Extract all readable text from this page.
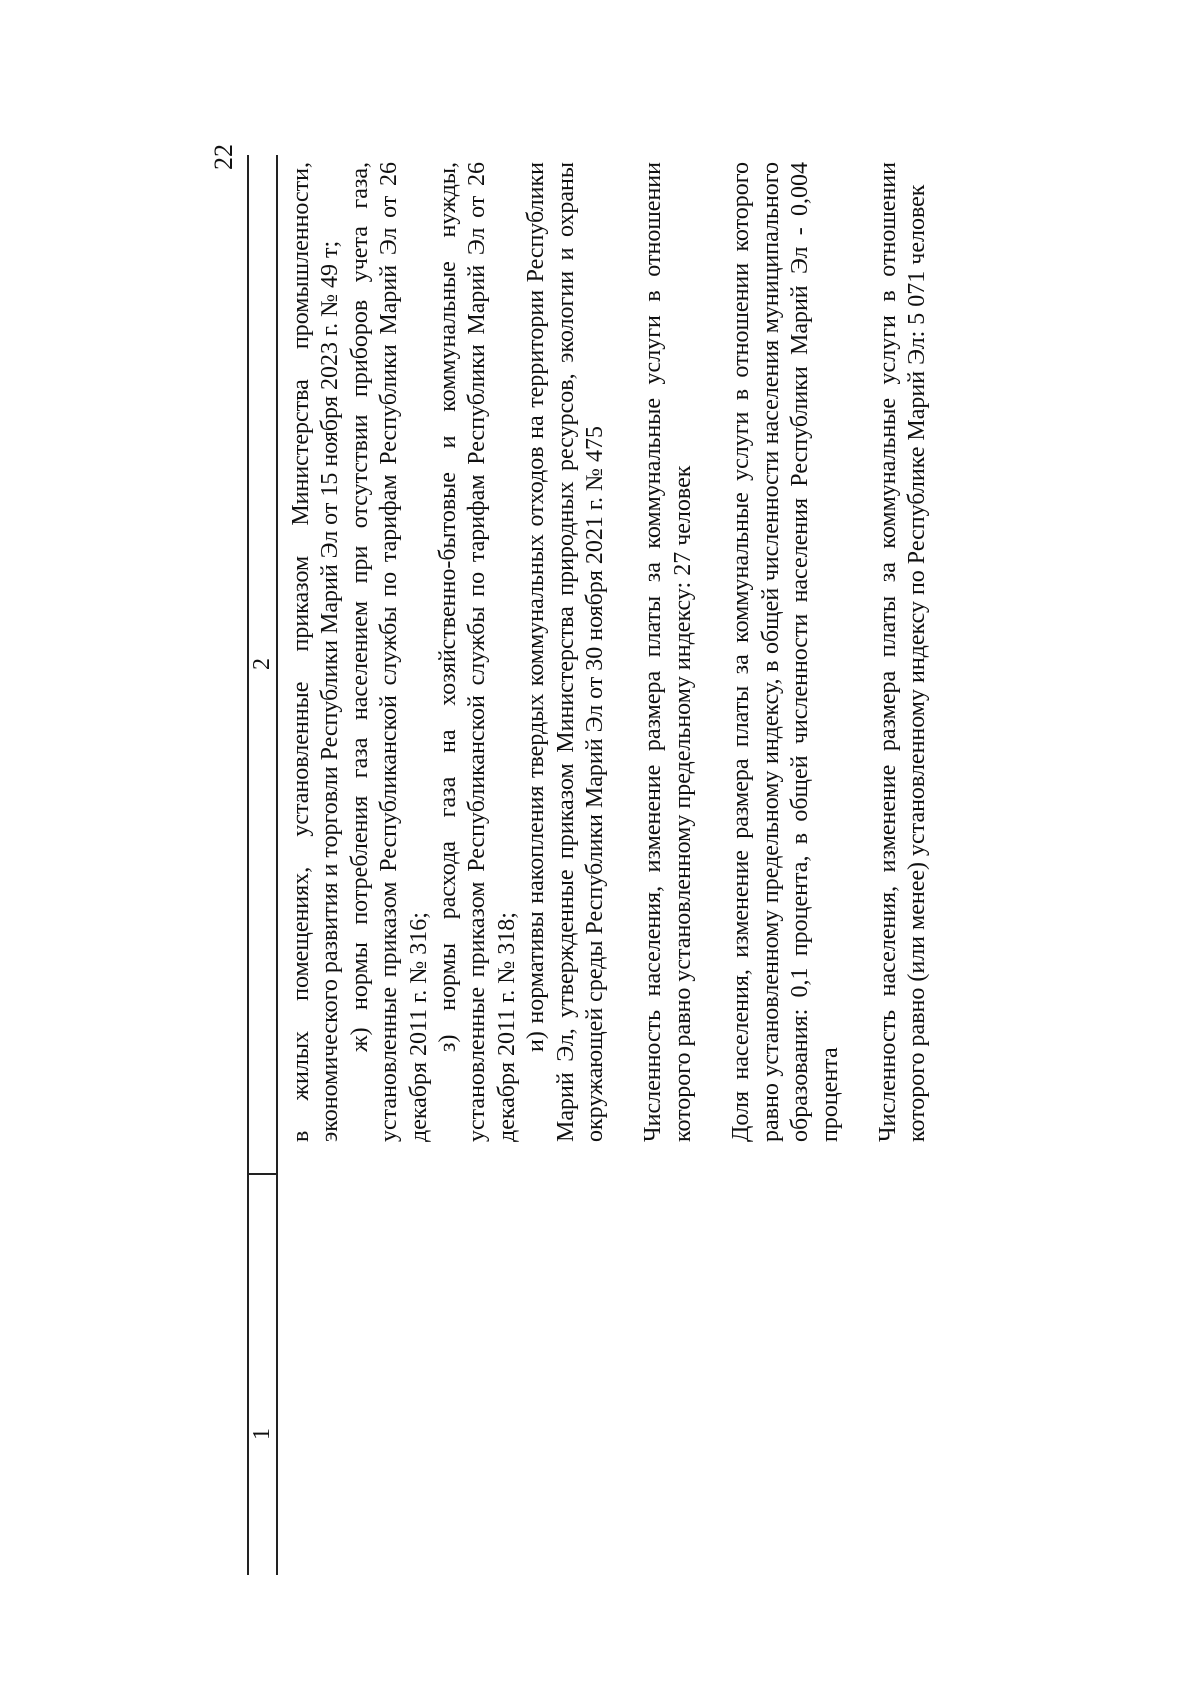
22
1
2 в жилых помещениях, установленные приказом Министерства промышленности, экономического развития и торговли Республики Марий Эл от 15 ноября 2023 г. № 49 т; ж) нормы потребления газа населением при отсутствии приборов учета газа, установленные приказом Республиканской службы по тарифам Республики Марий Эл от 26 декабря 2011 г. № 316; з) нормы расхода газа на хозяйственно-бытовые и коммунальные нужды, установленные приказом Республиканской службы по тарифам Республики Марий Эл от 26 декабря 2011 г. № 318; и) нормативы накопления твердых коммунальных отходов на территории Республики Марий Эл, утвержденные приказом Министерства природных ресурсов, экологии и охраны окружающей среды Республики Марий Эл от 30 ноября 2021 г. № 475 Численность населения, изменение размера платы за коммунальные услуги в отношении которого равно установленному предельному индексу: 27 человек Доля населения, изменение размера платы за коммунальные услуги в отношении которого равно установленному предельному индексу, в общей численности населения муниципального образования: 0,1 процента, в общей численности населения Республики Марий Эл - 0,004 процента Численность населения, изменение размера платы за коммунальные услуги в отношении которого равно (или менее) установленному индексу по Республике Марий Эл: 5 071 человек
